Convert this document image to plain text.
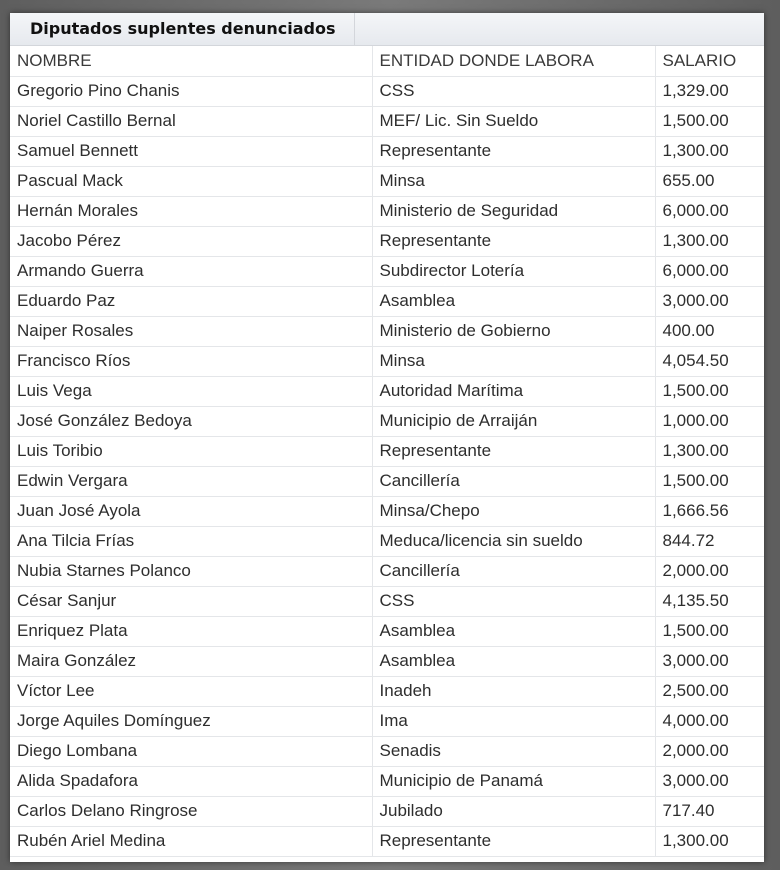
Diputados suplentes denunciados
NOMBRE	ENTIDAD DONDE LABORA	SALARIO
Gregorio Pino Chanis	CSS	1,329.00
Noriel Castillo Bernal	MEF/ Lic. Sin Sueldo	1,500.00
Samuel Bennett	Representante	1,300.00
Pascual Mack	Minsa	655.00
Hernán Morales	Ministerio de Seguridad	6,000.00
Jacobo Pérez	Representante	1,300.00
Armando Guerra	Subdirector Lotería	6,000.00
Eduardo Paz	Asamblea	3,000.00
Naiper Rosales	Ministerio de Gobierno	400.00
Francisco Ríos	Minsa	4,054.50
Luis Vega	Autoridad Marítima	1,500.00
José González Bedoya	Municipio de Arraiján	1,000.00
Luis Toribio	Representante	1,300.00
Edwin Vergara	Cancillería	1,500.00
Juan José Ayola	Minsa/Chepo	1,666.56
Ana Tilcia Frías	Meduca/licencia sin sueldo	844.72
Nubia Starnes Polanco	Cancillería	2,000.00
César Sanjur	CSS	4,135.50
Enriquez Plata	Asamblea	1,500.00
Maira González	Asamblea	3,000.00
Víctor Lee	Inadeh	2,500.00
Jorge Aquiles Domínguez	Ima	4,000.00
Diego Lombana	Senadis	2,000.00
Alida Spadafora	Municipio de Panamá	3,000.00
Carlos Delano Ringrose	Jubilado	717.40
Rubén Ariel Medina	Representante	1,300.00
